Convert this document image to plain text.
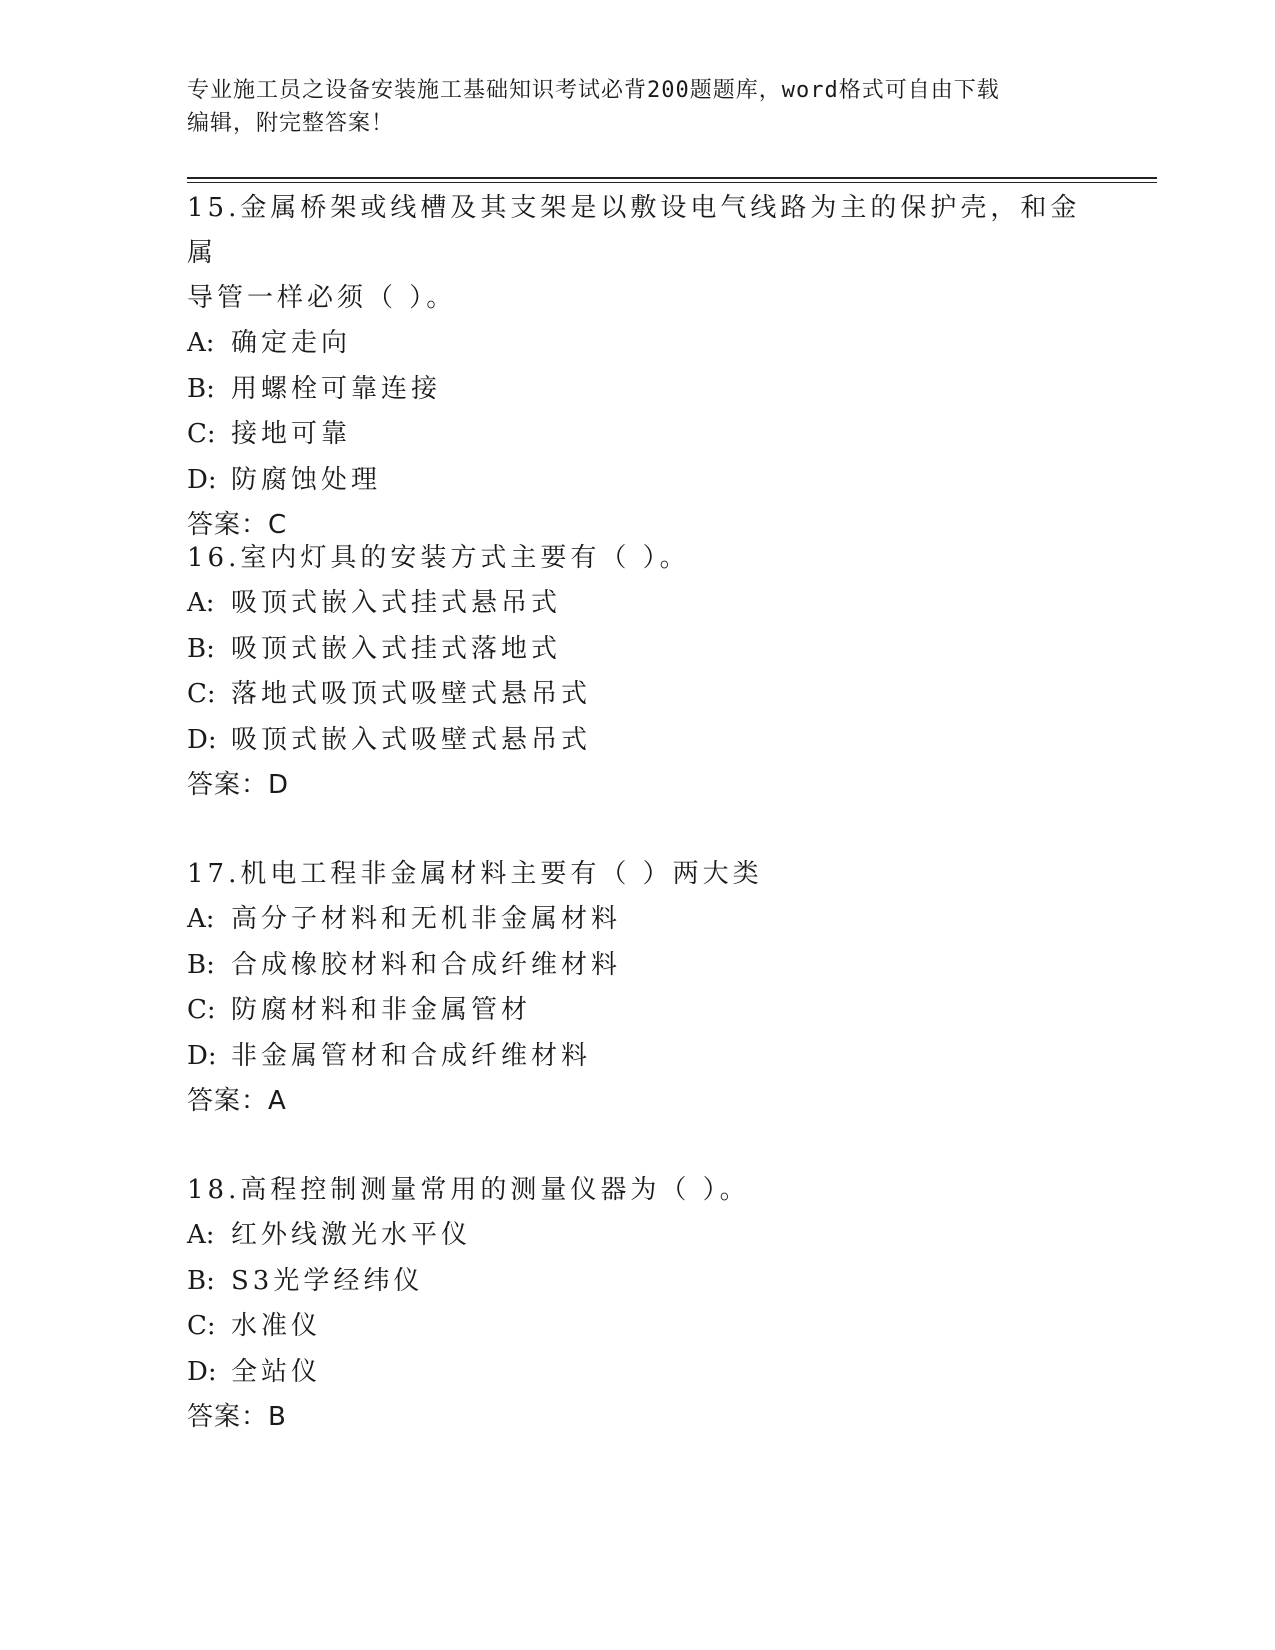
专业施工员之设备安装施工基础知识考试必背200题题库，word格式可自由下载
编辑，附完整答案！

15.金属桥架或线槽及其支架是以敷设电气线路为主的保护壳，和金属

导管一样必须（ ）。

A: 确定走向

B: 用螺栓可靠连接

C: 接地可靠

D: 防腐蚀处理

答案：C

16.室内灯具的安装方式主要有（ ）。

A: 吸顶式嵌入式挂式悬吊式

B: 吸顶式嵌入式挂式落地式

C: 落地式吸顶式吸壁式悬吊式

D: 吸顶式嵌入式吸壁式悬吊式

答案：D

17.机电工程非金属材料主要有（ ）两大类

A: 高分子材料和无机非金属材料

B: 合成橡胶材料和合成纤维材料

C: 防腐材料和非金属管材

D: 非金属管材和合成纤维材料

答案：A

18.高程控制测量常用的测量仪器为（ ）。

A: 红外线激光水平仪

B: S3光学经纬仪

C: 水准仪

D: 全站仪

答案：B
